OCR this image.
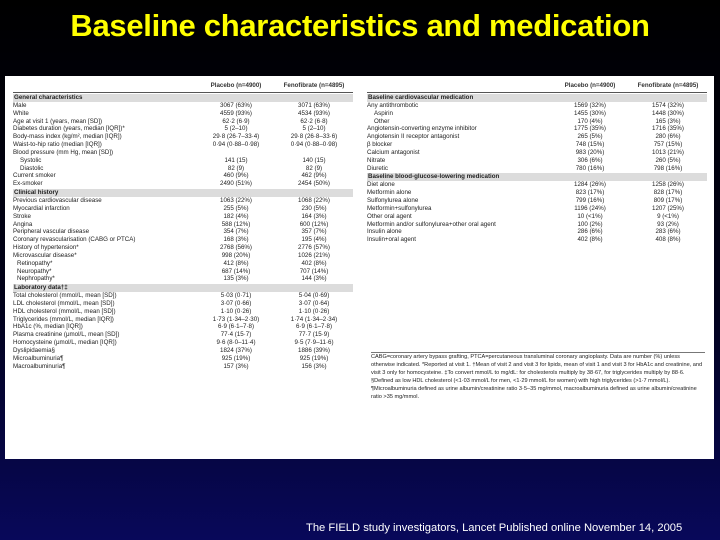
Baseline characteristics and medication
Placebo (n=4900)	Fenofibrate (n=4895)
General characteristics
Male	3067 (63%)	3071 (63%)
White	4559 (93%)	4534 (93%)
Age at visit 1 (years, mean [SD])	62·2 (6·9)	62·2 (6·8)
Diabetes duration (years, median [IQR])*	5 (2–10)	5 (2–10)
Body-mass index (kg/m², median [IQR])	29·8 (26·7–33·4)	29·8 (26·8–33·6)
Waist-to-hip ratio (median [IQR])	0·94 (0·88–0·98)	0·94 (0·88–0·98)
Blood pressure (mm Hg, mean [SD])
Systolic	141 (15)	140 (15)
Diastolic	82 (9)	82 (9)
Current smoker	460 (9%)	462 (9%)
Ex-smoker	2490 (51%)	2454 (50%)
Clinical history
Previous cardiovascular disease	1063 (22%)	1068 (22%)
Myocardial infarction	255 (5%)	230 (5%)
Stroke	182 (4%)	164 (3%)
Angina	588 (12%)	600 (12%)
Peripheral vascular disease	354 (7%)	357 (7%)
Coronary revascularisation (CABG or PTCA)	168 (3%)	195 (4%)
History of hypertension*	2768 (56%)	2776 (57%)
Microvascular disease*	998 (20%)	1026 (21%)
Retinopathy*	412 (8%)	402 (8%)
Neuropathy*	687 (14%)	707 (14%)
Nephropathy*	135 (3%)	144 (3%)
Laboratory data†‡
Total cholesterol (mmol/L, mean [SD])	5·03 (0·71)	5·04 (0·69)
LDL cholesterol (mmol/L, mean [SD])	3·07 (0·66)	3·07 (0·64)
HDL cholesterol (mmol/L, mean [SD])	1·10 (0·26)	1·10 (0·26)
Triglycerides (mmol/L, median [IQR])	1·73 (1·34–2·30)	1·74 (1·34–2·34)
HbA1c (%, median [IQR])	6·9 (6·1–7·8)	6·9 (6·1–7·8)
Plasma creatinine (μmol/L, mean [SD])	77·4 (15·7)	77·7 (15·9)
Homocysteine (μmol/L, median [IQR])	9·6 (8·0–11·4)	9·5 (7·9–11·6)
Dyslipidaemia§	1824 (37%)	1886 (39%)
Microalbuminuria¶	925 (19%)	925 (19%)
Macroalbuminuria¶	157 (3%)	156 (3%)
Placebo (n=4900)	Fenofibrate (n=4895)
Baseline cardiovascular medication
Any antithrombotic	1569 (32%)	1574 (32%)
Aspirin	1455 (30%)	1448 (30%)
Other	170 (4%)	165 (3%)
Angiotensin-converting enzyme inhibitor	1775 (35%)	1716 (35%)
Angiotensin II receptor antagonist	265 (5%)	280 (6%)
β blocker	748 (15%)	757 (15%)
Calcium antagonist	983 (20%)	1013 (21%)
Nitrate	306 (6%)	260 (5%)
Diuretic	780 (16%)	798 (16%)
Baseline blood-glucose-lowering medication
Diet alone	1284 (26%)	1258 (26%)
Metformin alone	823 (17%)	828 (17%)
Sulfonylurea alone	799 (16%)	809 (17%)
Metformin+sulfonylurea	1196 (24%)	1207 (25%)
Other oral agent	10 (<1%)	9 (<1%)
Metformin and/or sulfonylurea+other oral agent	100 (2%)	93 (2%)
Insulin alone	286 (6%)	283 (6%)
Insulin+oral agent	402 (8%)	408 (8%)
CABG=coronary artery bypass grafting, PTCA=percutaneous transluminal coronary angioplasty. Data are number (%) unless otherwise indicated. *Reported at visit 1. †Mean of visit 2 and visit 3 for lipids, mean of visit 1 and visit 3 for HbA1c and creatinine, and visit 3 only for homocysteine. ‡To convert mmol/L to mg/dL: for cholesterols multiply by 38·67, for triglycerides multiply by 88·6. §Defined as low HDL cholesterol (<1·03 mmol/L for men, <1·29 mmol/L for women) with high triglycerides (>1·7 mmol/L). ¶Microalbuminuria defined as urine albumin/creatinine ratio 3·5–35 mg/mmol, macroalbuminuria defined as urine albumin/creatinine ratio >35 mg/mmol.
The FIELD study investigators, Lancet Published online November 14, 2005
